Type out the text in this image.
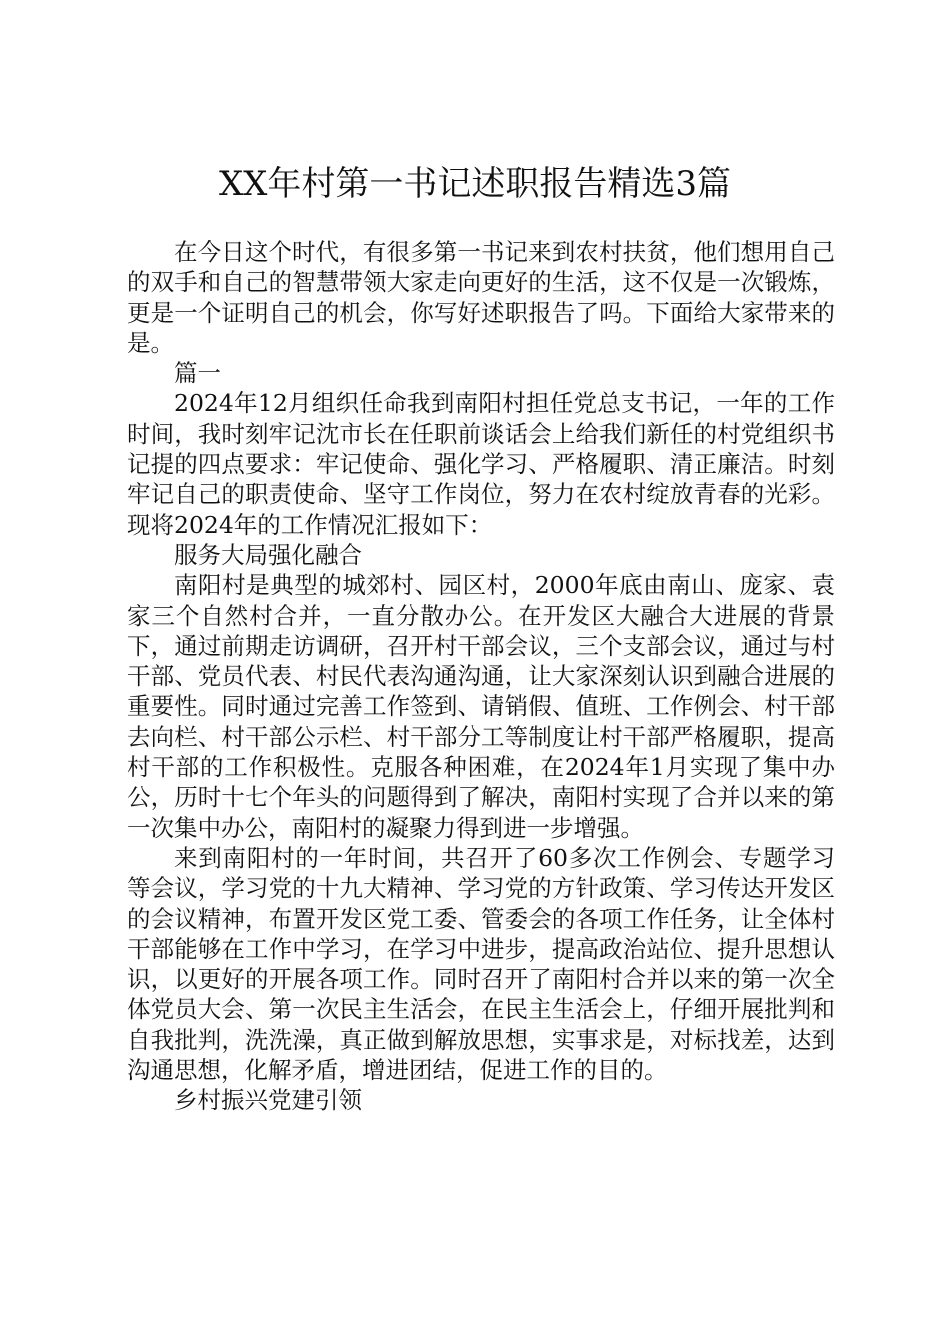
XX年村第一书记述职报告精选3篇

在今日这个时代，有很多第一书记来到农村扶贫，他们想用自己的双手和自己的智慧带领大家走向更好的生活，这不仅是一次锻炼，更是一个证明自己的机会，你写好述职报告了吗。下面给大家带来的是。

篇一

2024年12月组织任命我到南阳村担任党总支书记，一年的工作时间，我时刻牢记沈市长在任职前谈话会上给我们新任的村党组织书记提的四点要求：牢记使命、强化学习、严格履职、清正廉洁。时刻牢记自己的职责使命、坚守工作岗位，努力在农村绽放青春的光彩。现将2024年的工作情况汇报如下：

服务大局强化融合

南阳村是典型的城郊村、园区村，2000年底由南山、庞家、袁家三个自然村合并，一直分散办公。在开发区大融合大进展的背景下，通过前期走访调研，召开村干部会议，三个支部会议，通过与村干部、党员代表、村民代表沟通沟通，让大家深刻认识到融合进展的重要性。同时通过完善工作签到、请销假、值班、工作例会、村干部去向栏、村干部公示栏、村干部分工等制度让村干部严格履职，提高村干部的工作积极性。克服各种困难，在2024年1月实现了集中办公，历时十七个年头的问题得到了解决，南阳村实现了合并以来的第一次集中办公，南阳村的凝聚力得到进一步增强。

来到南阳村的一年时间，共召开了60多次工作例会、专题学习等会议，学习党的十九大精神、学习党的方针政策、学习传达开发区的会议精神，布置开发区党工委、管委会的各项工作任务，让全体村干部能够在工作中学习，在学习中进步，提高政治站位、提升思想认识，以更好的开展各项工作。同时召开了南阳村合并以来的第一次全体党员大会、第一次民主生活会，在民主生活会上，仔细开展批判和自我批判，洗洗澡，真正做到解放思想，实事求是，对标找差，达到沟通思想，化解矛盾，增进团结，促进工作的目的。

乡村振兴党建引领
